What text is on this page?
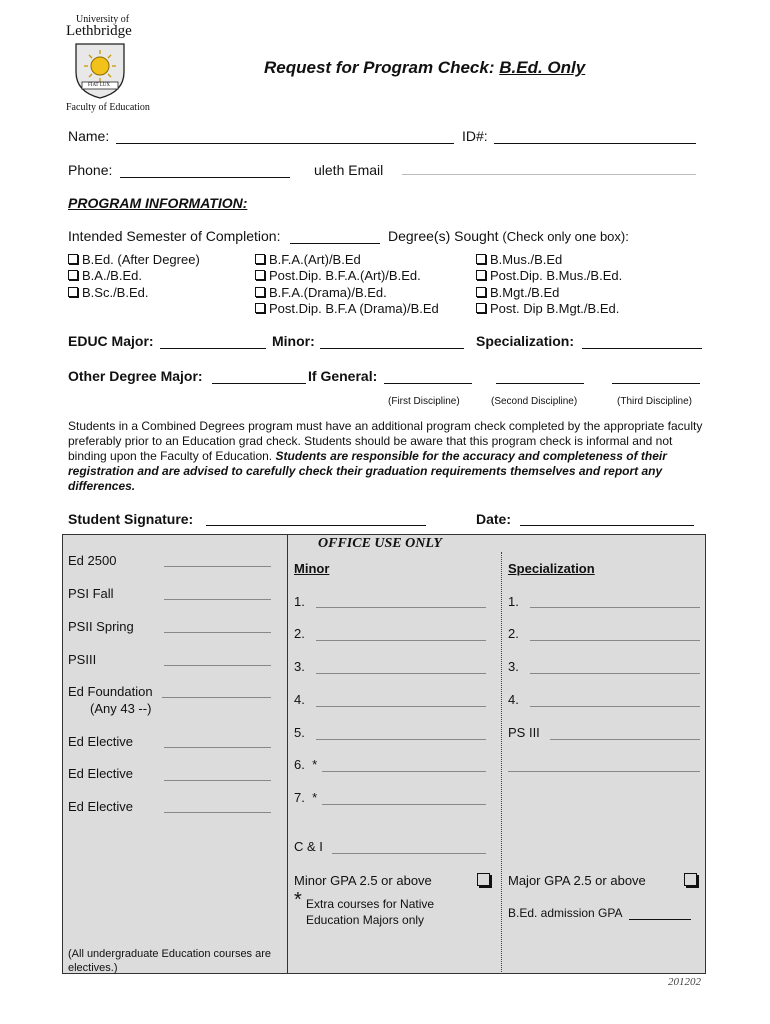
University of
Lethbridge
FIAT LUX
Faculty of Education
Request for Program Check: B.Ed. Only
Name:	ID#:
Phone:	uleth Email
PROGRAM INFORMATION:
Intended Semester of Completion:	Degree(s) Sought (Check only one box):
B.Ed. (After Degree)
B.A./B.Ed.
B.Sc./B.Ed.
B.F.A.(Art)/B.Ed
Post.Dip. B.F.A.(Art)/B.Ed.
B.F.A.(Drama)/B.Ed.
Post.Dip. B.F.A (Drama)/B.Ed
B.Mus./B.Ed
Post.Dip. B.Mus./B.Ed.
B.Mgt./B.Ed
Post. Dip B.Mgt./B.Ed.
EDUC Major:	Minor:	Specialization:
Other Degree Major:	If General:
(First Discipline)	(Second Discipline)	(Third Discipline)
Students in a Combined Degrees program must have an additional program check completed by the appropriate faculty preferably prior to an Education grad check. Students should be aware that this program check is informal and not binding upon the Faculty of Education. Students are responsible for the accuracy and completeness of their registration and are advised to carefully check their graduation requirements themselves and report any differences.
Student Signature:	Date:
OFFICE USE ONLY
Ed 2500
PSI Fall
PSII Spring
PSIII
Ed Foundation
(Any 43 --)
Ed Elective
Ed Elective
Ed Elective
(All undergraduate Education courses are electives.)
Minor
1.
2.
3.
4.
5.
6. *
7. *
C & I
Minor GPA 2.5 or above
* Extra courses for Native Education Majors only
Specialization
1.
2.
3.
4.
PS III
Major GPA 2.5 or above
B.Ed. admission GPA
201202
